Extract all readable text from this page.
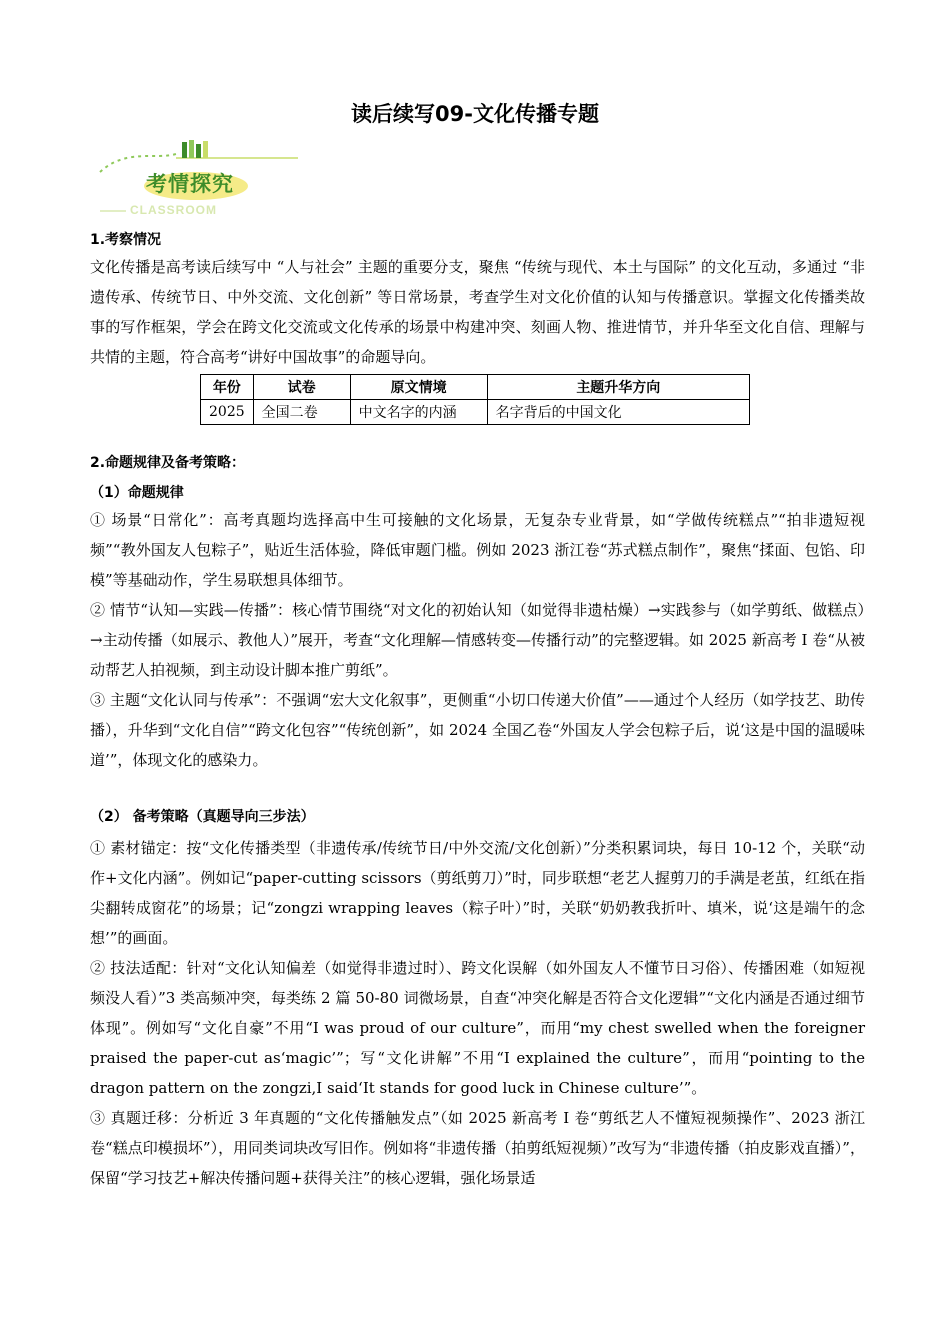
读后续写09-文化传播专题
考情探究
CLASSROOM
1.考察情况

文化传播是高考读后续写中 “人与社会” 主题的重要分支，聚焦 “传统与现代、本土与国际” 的文化互动，多通过 “非遗传承、传统节日、中外交流、文化创新” 等日常场景，考查学生对文化价值的认知与传播意识。掌握文化传播类故事的写作框架，学会在跨文化交流或文化传承的场景中构建冲突、刻画人物、推进情节，并升华至文化自信、理解与共情的主题，符合高考“讲好中国故事”的命题导向。

年份	试卷	原文情境	主题升华方向
2025	全国二卷	中文名字的内涵	名字背后的中国文化
2.命题规律及备考策略：
（1）命题规律

① 场景“日常化”：高考真题均选择高中生可接触的文化场景，无复杂专业背景，如“学做传统糕点”“拍非遗短视频”“教外国友人包粽子”，贴近生活体验，降低审题门槛。例如 2023 浙江卷“苏式糕点制作”，聚焦“揉面、包馅、印模”等基础动作，学生易联想具体细节。

② 情节“认知—实践—传播”：核心情节围绕“对文化的初始认知（如觉得非遗枯燥）→实践参与（如学剪纸、做糕点）→主动传播（如展示、教他人）”展开，考查“文化理解—情感转变—传播行动”的完整逻辑。如 2025 新高考 I 卷“从被动帮艺人拍视频，到主动设计脚本推广剪纸”。

③ 主题“文化认同与传承”：不强调“宏大文化叙事”，更侧重“小切口传递大价值”——通过个人经历（如学技艺、助传播），升华到“文化自信”“跨文化包容”“传统创新”，如 2024 全国乙卷“外国友人学会包粽子后，说‘这是中国的温暖味道’”，体现文化的感染力。

（2） 备考策略（真题导向三步法）

① 素材锚定：按“文化传播类型（非遗传承/传统节日/中外交流/文化创新）”分类积累词块，每日 10-12 个，关联“动作+文化内涵”。例如记“paper-cutting scissors（剪纸剪刀）”时，同步联想“老艺人握剪刀的手满是老茧，红纸在指尖翻转成窗花”的场景；记“zongzi wrapping leaves（粽子叶）”时，关联“奶奶教我折叶、填米，说‘这是端午的念想’”的画面。

② 技法适配：针对“文化认知偏差（如觉得非遗过时）、跨文化误解（如外国友人不懂节日习俗）、传播困难（如短视频没人看）”3 类高频冲突，每类练 2 篇 50-80 词微场景，自查“冲突化解是否符合文化逻辑”“文化内涵是否通过细节体现”。例如写“文化自豪”不用“I was proud of our culture”，而用“my chest swelled when the foreigner praised the paper-cut as‘magic’”；写“文化讲解”不用“I explained the culture”，而用“pointing to the dragon pattern on the zongzi,I said‘It stands for good luck in Chinese culture’”。

③ 真题迁移：分析近 3 年真题的“文化传播触发点”（如 2025 新高考 I 卷“剪纸艺人不懂短视频操作”、2023 浙江卷“糕点印模损坏”），用同类词块改写旧作。例如将“非遗传播（拍剪纸短视频）”改写为“非遗传播（拍皮影戏直播）”，保留“学习技艺+解决传播问题+获得关注”的核心逻辑，强化场景适
